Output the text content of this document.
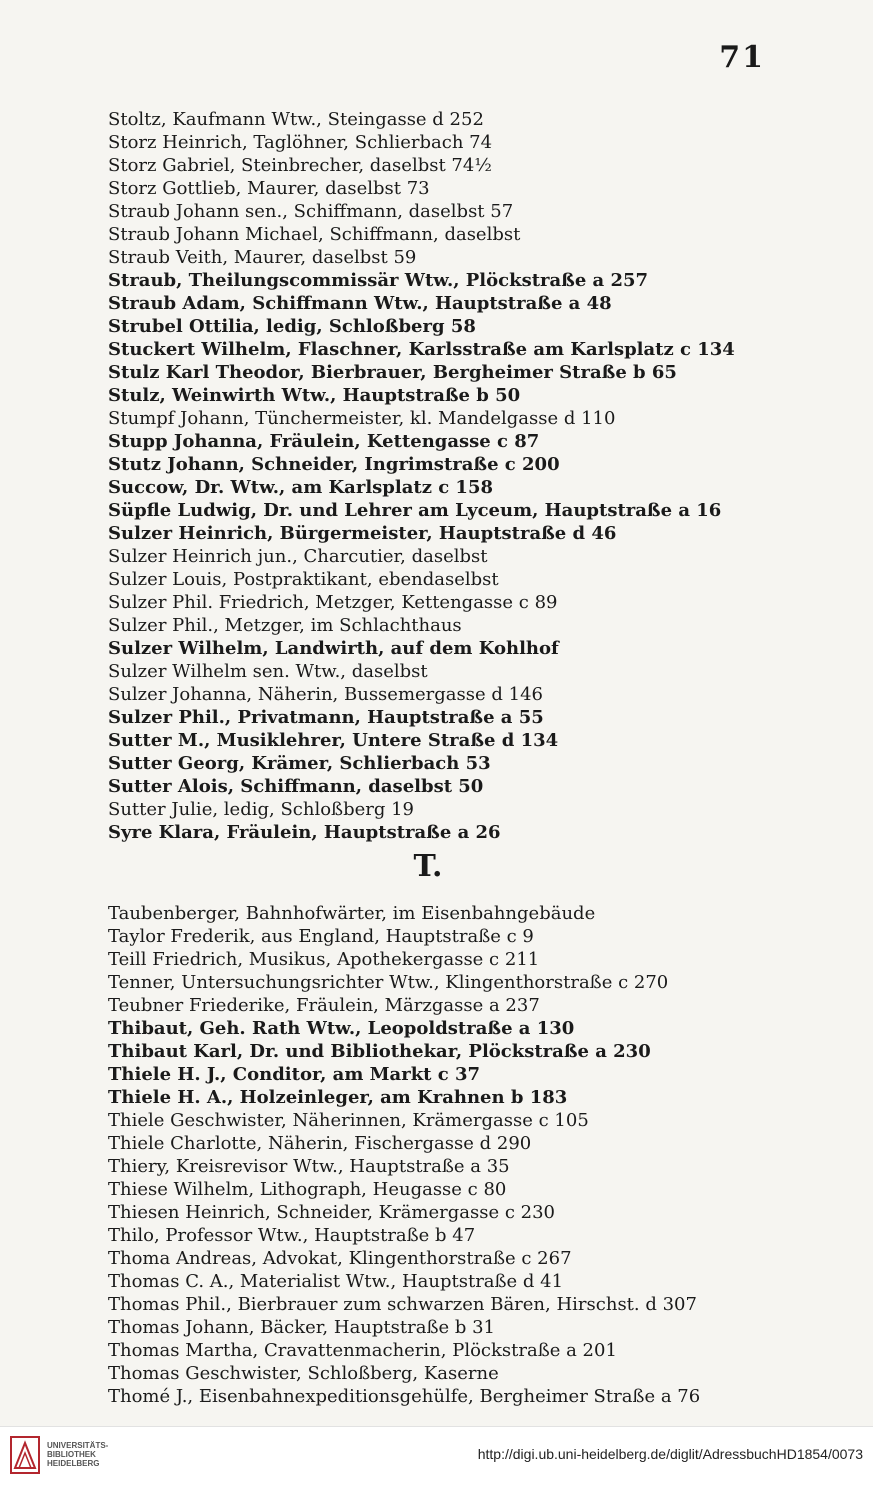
71
Stoltz, Kaufmann Wtw., Steingasse d 252
Storz Heinrich, Taglöhner, Schlierbach 74
Storz Gabriel, Steinbrecher, daselbst 74½
Storz Gottlieb, Maurer, daselbst 73
Straub Johann sen., Schiffmann, daselbst 57
Straub Johann Michael, Schiffmann, daselbst
Straub Veith, Maurer, daselbst 59
Straub, Theilungscommissär Wtw., Plöckstraße a 257
Straub Adam, Schiffmann Wtw., Hauptstraße a 48
Strubel Ottilia, ledig, Schloßberg 58
Stuckert Wilhelm, Flaschner, Karlsstraße am Karlsplatz c 134
Stulz Karl Theodor, Bierbrauer, Bergheimer Straße b 65
Stulz, Weinwirth Wtw., Hauptstraße b 50
Stumpf Johann, Tünchermeister, kl. Mandelgasse d 110
Stupp Johanna, Fräulein, Kettengasse c 87
Stutz Johann, Schneider, Ingrimstraße c 200
Succow, Dr. Wtw., am Karlsplatz c 158
Süpfle Ludwig, Dr. und Lehrer am Lyceum, Hauptstraße a 16
Sulzer Heinrich, Bürgermeister, Hauptstraße d 46
Sulzer Heinrich jun., Charcutier, daselbst
Sulzer Louis, Postpraktikant, ebendaselbst
Sulzer Phil. Friedrich, Metzger, Kettengasse c 89
Sulzer Phil., Metzger, im Schlachthaus
Sulzer Wilhelm, Landwirth, auf dem Kohlhof
Sulzer Wilhelm sen. Wtw., daselbst
Sulzer Johanna, Näherin, Bussemergasse d 146
Sulzer Phil., Privatmann, Hauptstraße a 55
Sutter M., Musiklehrer, Untere Straße d 134
Sutter Georg, Krämer, Schlierbach 53
Sutter Alois, Schiffmann, daselbst 50
Sutter Julie, ledig, Schloßberg 19
Syre Klara, Fräulein, Hauptstraße a 26
T.
Taubenberger, Bahnhofwärter, im Eisenbahngebäude
Taylor Frederik, aus England, Hauptstraße c 9
Teill Friedrich, Musikus, Apothekergasse c 211
Tenner, Untersuchungsrichter Wtw., Klingenthorstraße c 270
Teubner Friederike, Fräulein, Märzgasse a 237
Thibaut, Geh. Rath Wtw., Leopoldstraße a 130
Thibaut Karl, Dr. und Bibliothekar, Plöckstraße a 230
Thiele H. J., Conditor, am Markt c 37
Thiele H. A., Holzeinleger, am Krahnen b 183
Thiele Geschwister, Näherinnen, Krämergasse c 105
Thiele Charlotte, Näherin, Fischergasse d 290
Thiery, Kreisrevisor Wtw., Hauptstraße a 35
Thiese Wilhelm, Lithograph, Heugasse c 80
Thiesen Heinrich, Schneider, Krämergasse c 230
Thilo, Professor Wtw., Hauptstraße b 47
Thoma Andreas, Advokat, Klingenthorstraße c 267
Thomas C. A., Materialist Wtw., Hauptstraße d 41
Thomas Phil., Bierbrauer zum schwarzen Bären, Hirschst. d 307
Thomas Johann, Bäcker, Hauptstraße b 31
Thomas Martha, Cravattenmacherin, Plöckstraße a 201
Thomas Geschwister, Schloßberg, Kaserne
Thomé J., Eisenbahnexpeditionsgehülfe, Bergheimer Straße a 76
UNIVERSITÄTS-
BIBLIOTHEK
HEIDELBERG
http://digi.ub.uni-heidelberg.de/diglit/AdressbuchHD1854/0073
